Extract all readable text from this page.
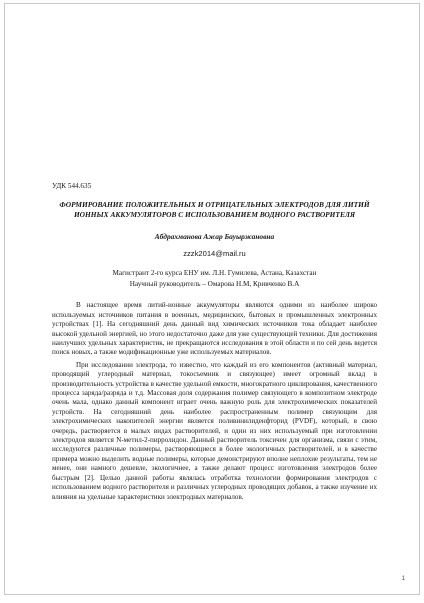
УДК 544.635

ФОРМИРОВАНИЕ ПОЛОЖИТЕЛЬНЫХ И ОТРИЦАТЕЛЬНЫХ ЭЛЕКТРОДОВ ДЛЯ ЛИТИЙ ИОННЫХ АККУМУЛЯТОРОВ С ИСПОЛЬЗОВАНИЕМ ВОДНОГО РАСТВОРИТЕЛЯ

Абдрахманова Ажар Бауыржановна

zzzk2014@mail.ru

Магистрант 2-го курса ЕНУ им. Л.Н. Гумилева, Астана, Казахстан

Научный руководитель – Омарова Н.М, Кривченко В.А

В настоящее время литий-ионные аккумуляторы являются одними из наиболее широко используемых источников питания в военных, медицинских, бытовых и промышленных электронных устройствах [1]. На сегодняшний день данный вид химических источников тока обладает наиболее высокой удельной энергией, но этого недостаточно даже для уже существующей техники. Для достижения наилучших удельных характеристик, не прекращаются исследования в этой области и по сей день ведется поиск новых, а также модификационные уже используемых материалов.

При исследовании электрода, то известно, что каждый из его компонентов (активный материал, проводящий углеродный материал, токосъемник и связующее) имеет огромный вклад в производительность устройства в качестве удельной емкости, многократного циклирования, качественного процесса заряда/разряда и т.д. Массовая доля содержания полимер связующего в композитном электроде очень мала, однако данный компонент играет очень важную роль для электрохимических показателей устройств. На сегодняшний день наиболее распространенным полимер связующим для электрохимических накопителей энергии является поливинилиденфторид (PVDF), который, в свою очередь, растворяется в малых видах растворителей, и один из них используемый при изготовлении электродов является N-метил-2-пирролидон. Данный растворитель токсичен для организма, связи с этим, исследуются различные полимеры, растворяющиеся в более экологичных растворителей, и в качестве примера можно выделить водные полимеры, которые демонстрируют вполне неплохие результаты, тем не менее, они намного дешевле, экологичнее, а также делают процесс изготовления электродов более быстрым [2]. Целью данной работы являлась отработка технологии формирования электродов с использованием водного растворителя и различных углеродных проводящих добавок, а также изучение их влияния на удельные характеристики электродных материалов.

1
